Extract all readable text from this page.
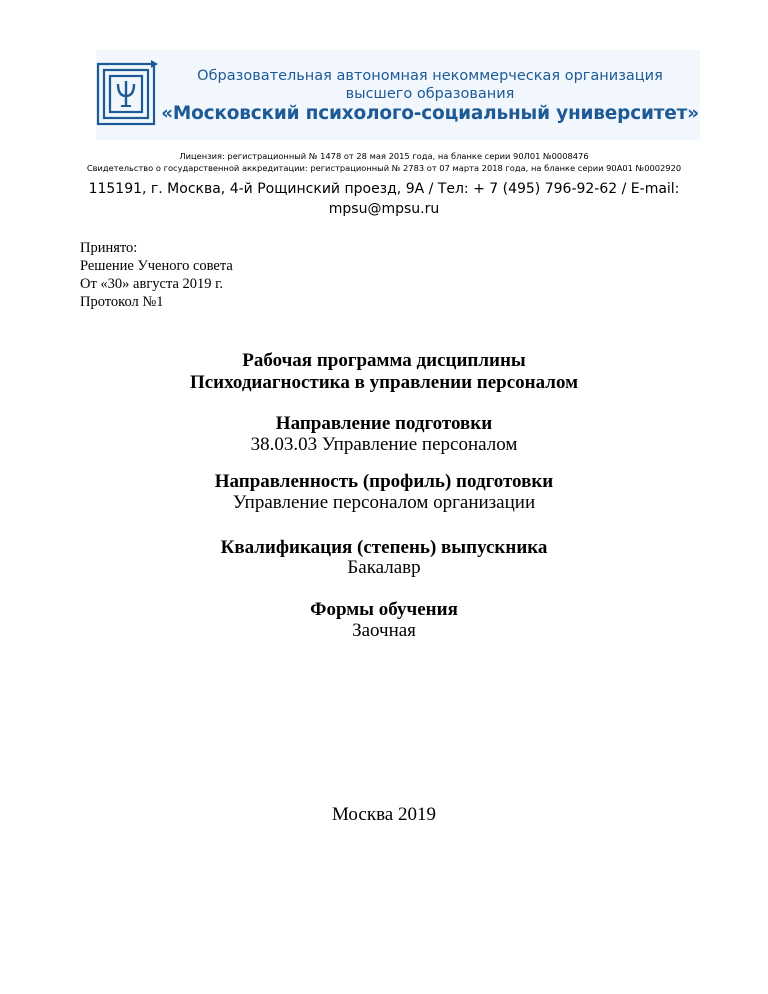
Образовательная автономная некоммерческая организация
высшего образования
«Московский психолого-социальный университет»
Лицензия: регистрационный № 1478 от 28 мая 2015 года, на бланке серии 90Л01 №0008476
Свидетельство о государственной аккредитации: регистрационный № 2783 от 07 марта 2018 года, на бланке серии 90А01 №0002920
115191, г. Москва, 4-й Рощинский проезд, 9А / Тел: + 7 (495) 796-92-62 / E-mail:
mpsu@mpsu.ru
Принято:
Решение Ученого совета
От «30» августа 2019 г.
Протокол №1
Рабочая программа дисциплины
Психодиагностика в управлении персоналом
Направление подготовки
38.03.03 Управление персоналом
Направленность (профиль) подготовки
Управление персоналом организации
Квалификация (степень) выпускника
Бакалавр
Формы обучения
Заочная
Москва 2019
